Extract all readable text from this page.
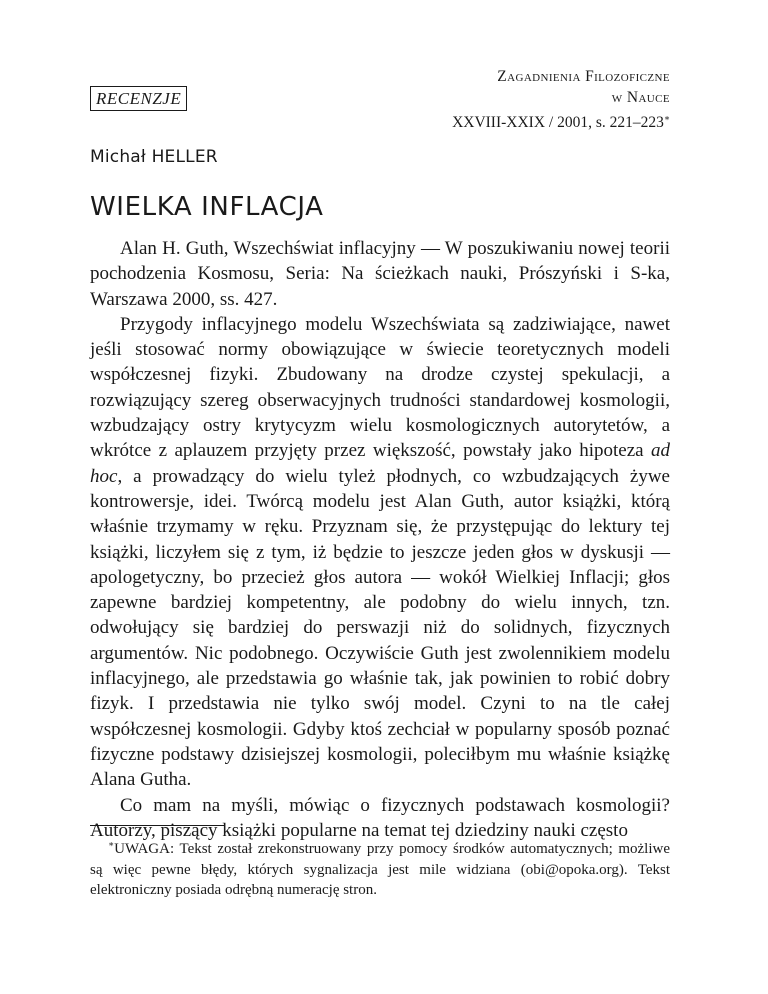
RECENZJE
Zagadnienia Filozoficzne
w Nauce
XXVIII-XXIX / 2001, s. 221–223∗
Michał HELLER
WIELKA INFLACJA

Alan H. Guth, Wszechświat inflacyjny — W poszukiwaniu nowej teorii pochodzenia Kosmosu, Seria: Na ścieżkach nauki, Prószyński i S-ka, Warszawa 2000, ss. 427.

Przygody inflacyjnego modelu Wszechświata są zadziwiające, nawet jeśli stosować normy obowiązujące w świecie teoretycznych modeli współczesnej fizyki. Zbudowany na drodze czystej spekulacji, a rozwiązujący szereg obserwacyjnych trudności standardowej kosmologii, wzbudzający ostry krytycyzm wielu kosmologicznych autorytetów, a wkrótce z aplauzem przyjęty przez większość, powstały jako hipoteza ad hoc, a prowadzący do wielu tyleż płodnych, co wzbudzających żywe kontrowersje, idei. Twórcą modelu jest Alan Guth, autor książki, którą właśnie trzymamy w ręku. Przyznam się, że przystępując do lektury tej książki, liczyłem się z tym, iż będzie to jeszcze jeden głos w dyskusji — apologetyczny, bo przecież głos autora — wokół Wielkiej Inflacji; głos zapewne bardziej kompetentny, ale podobny do wielu innych, tzn. odwołujący się bardziej do perswazji niż do solidnych, fizycznych argumentów. Nic podobnego. Oczywiście Guth jest zwolennikiem modelu inflacyjnego, ale przedstawia go właśnie tak, jak powinien to robić dobry fizyk. I przedstawia nie tylko swój model. Czyni to na tle całej współczesnej kosmologii. Gdyby ktoś zechciał w popularny sposób poznać fizyczne podstawy dzisiejszej kosmologii, poleciłbym mu właśnie książkę Alana Gutha.

Co mam na myśli, mówiąc o fizycznych podstawach kosmologii? Autorzy, piszący książki popularne na temat tej dziedziny nauki często

∗UWAGA: Tekst został zrekonstruowany przy pomocy środków automatycznych; możliwe są więc pewne błędy, których sygnalizacja jest mile widziana (obi@opoka.org). Tekst elektroniczny posiada odrębną numerację stron.
